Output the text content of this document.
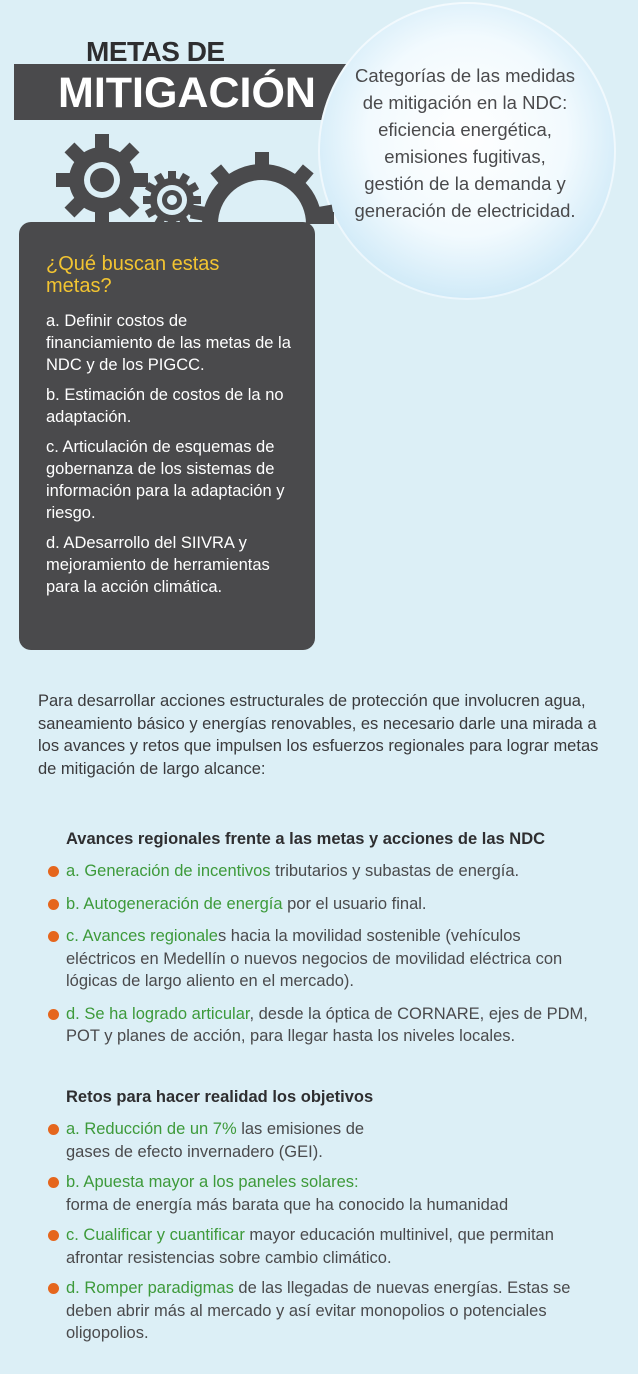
METAS DE
MITIGACIÓN Categorías de las medidas de mitigación en la NDC: eficiencia energética, emisiones fugitivas, gestión de la demanda y generación de electricidad.
¿Qué buscan estas metas?
a. Definir costos de financiamiento de las metas de la NDC y de los PIGCC.
b. Estimación de costos de la no adaptación.
c. Articulación de esquemas de gobernanza de los sistemas de información para la adaptación y riesgo.
d. ADesarrollo del SIIVRA y mejoramiento de herramientas para la acción climática.
Para desarrollar acciones estructurales de protección que involucren agua, saneamiento básico y energías renovables, es necesario darle una mirada a los avances y retos que impulsen los esfuerzos regionales para lograr metas de mitigación de largo alcance:
Avances regionales frente a las metas y acciones de las NDC
a. Generación de incentivos tributarios y subastas de energía.
b. Autogeneración de energía por el usuario final.
c. Avances regionales hacia la movilidad sostenible (vehículos eléctricos en Medellín o nuevos negocios de movilidad eléctrica con lógicas de largo aliento en el mercado).
d. Se ha logrado articular, desde la óptica de CORNARE, ejes de PDM, POT y planes de acción, para llegar hasta los niveles locales.
Retos para hacer realidad los objetivos
a. Reducción de un 7% las emisiones de
gases de efecto invernadero (GEI).
b. Apuesta mayor a los paneles solares:
forma de energía más barata que ha conocido la humanidad
c. Cualificar y cuantificar mayor educación multinivel, que permitan afrontar resistencias sobre cambio climático.
d. Romper paradigmas de las llegadas de nuevas energías. Estas se deben abrir más al mercado y así evitar monopolios o potenciales oligopolios.
